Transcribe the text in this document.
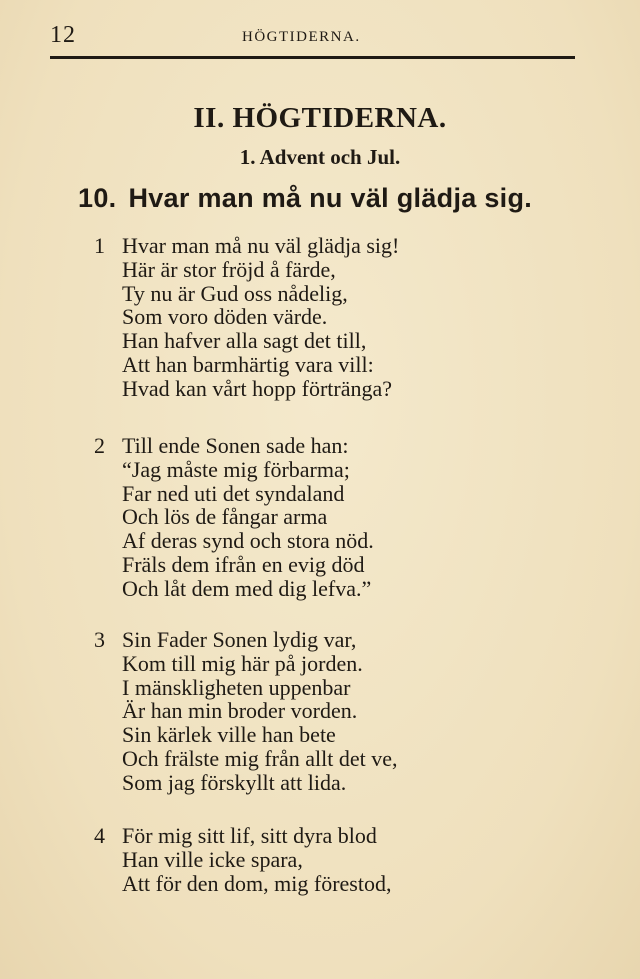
12	HÖGTIDERNA.
II. HÖGTIDERNA.
1. Advent och Jul.
10. Hvar man må nu väl glädja sig.
1 Hvar man må nu väl glädja sig!
Här är stor fröjd å färde,
Ty nu är Gud oss nådelig,
Som voro döden värde.
Han hafver alla sagt det till,
Att han barmhärtig vara vill:
Hvad kan vårt hopp förtränga?
2 Till ende Sonen sade han:
“Jag måste mig förbarma;
Far ned uti det syndaland
Och lös de fångar arma
Af deras synd och stora nöd.
Fräls dem ifrån en evig död
Och låt dem med dig lefva.”
3 Sin Fader Sonen lydig var,
Kom till mig här på jorden.
I mänskligheten uppenbar
Är han min broder vorden.
Sin kärlek ville han bete
Och frälste mig från allt det ve,
Som jag förskyllt att lida.
4 För mig sitt lif, sitt dyra blod
Han ville icke spara,
Att för den dom, mig förestod,
